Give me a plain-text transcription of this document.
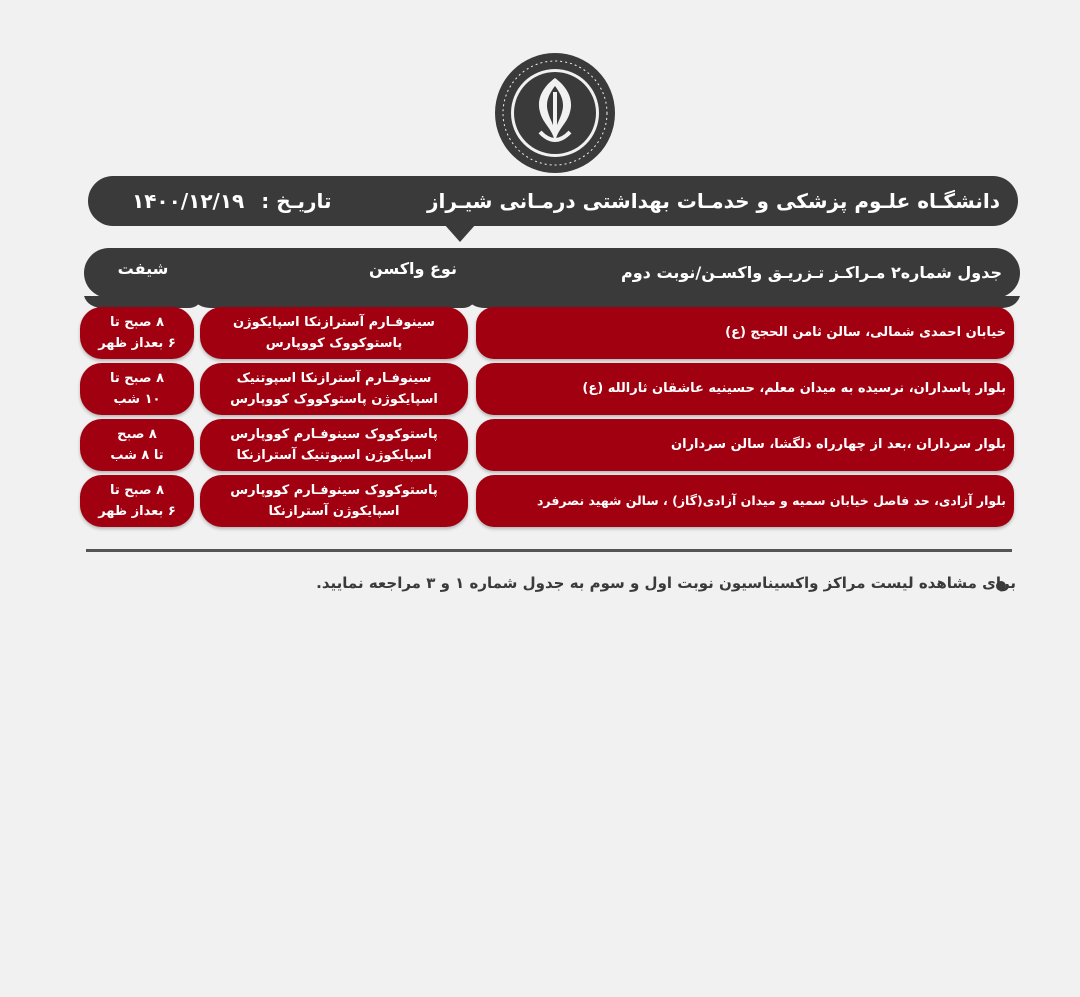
دانشگـاه علـوم پزشکی و خدمـات بهداشتی درمـانی شیـراز
تاریـخ : ۱۴۰۰/۱۲/۱۹
جدول شماره۲ مـراکـز تـزریـق واکسـن/نوبت دوم
نوع واکسن
شیفت
خیابان احمدی شمالی، سالن ثامن الحجج (ع)
سینوفـارم آسترازنکا اسپایکوژن
پاستوکووک کووپارس
۸ صبح تا
۶ بعداز ظهر
بلوار پاسداران، نرسیده به میدان معلم، حسینیه عاشقان ثارالله (ع)
سینوفـارم آسترازنکا اسپوتنیک
اسپایکوژن پاستوکووک کووپارس
۸ صبح تا
۱۰ شب
بلوار سرداران ،بعد از چهارراه دلگشا، سالن سرداران
پاستوکووک سینوفـارم کووپارس
اسپایکوژن اسپوتنیک آسترازنکا
۸ صبح
تا ۸ شب
بلوار آزادی، حد فاصل خیابان سمیه و میدان آزادی(گاز) ، سالن شهید نصرفرد
پاستوکووک سینوفـارم کووپارس
اسپایکوژن آسترازنکا
۸ صبح تا
۶ بعداز ظهر
برای مشاهده لیست مراکز واکسیناسیون نوبت اول و سوم به جدول شماره ۱ و ۳ مراجعه نمایید.
